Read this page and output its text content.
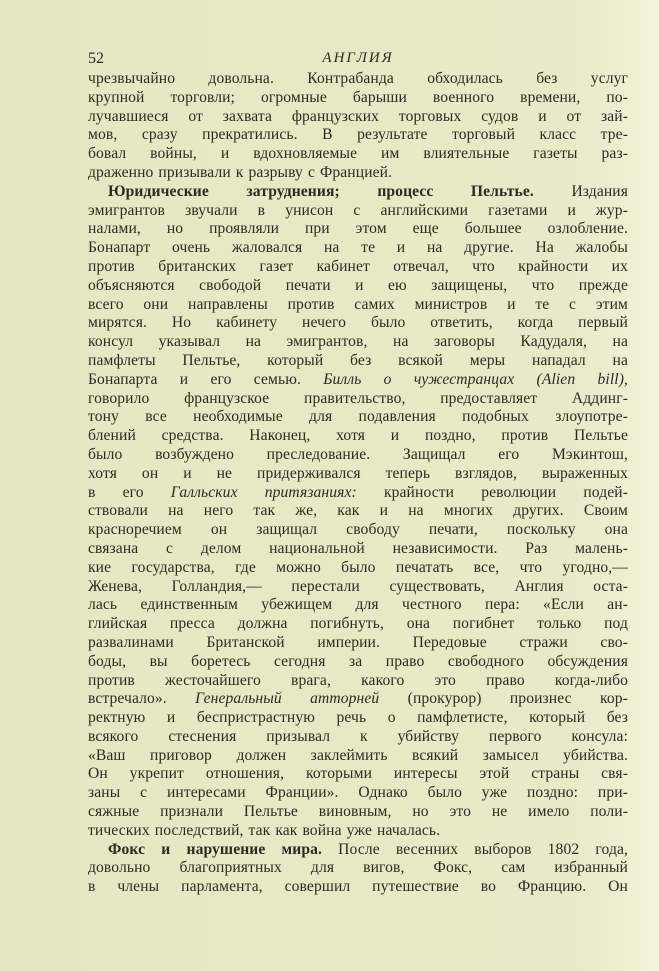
52	АНГЛИЯ
чрезвычайно довольна. Контрабанда обходилась без услуг
крупной торговли; огромные барыши военного времени, по-
лучавшиеся от захвата французских торговых судов и от зай-
мов, сразу прекратились. В результате торговый класс тре-
бовал войны, и вдохновляемые им влиятельные газеты раз-
драженно призывали к разрыву с Францией.
Юридические затруднения; процесс Пельтье. Издания
эмигрантов звучали в унисон с английскими газетами и жур-
налами, но проявляли при этом еще большее озлобление.
Бонапарт очень жаловался на те и на другие. На жалобы
против британских газет кабинет отвечал, что крайности их
объясняются свободой печати и ею защищены, что прежде
всего они направлены против самих министров и те с этим
мирятся. Но кабинету нечего было ответить, когда первый
консул указывал на эмигрантов, на заговоры Кадудаля, на
памфлеты Пельтье, который без всякой меры нападал на
Бонапарта и его семью. Билль о чужестранцах (Alien bill),
говорило французское правительство, предоставляет Аддинг-
тону все необходимые для подавления подобных злоупотре-
блений средства. Наконец, хотя и поздно, против Пельтье
было возбуждено преследование. Защищал его Мэкинтош,
хотя он и не придерживался теперь взглядов, выраженных
в его Галльских притязаниях: крайности революции подей-
ствовали на него так же, как и на многих других. Своим
красноречием он защищал свободу печати, поскольку она
связана с делом национальной независимости. Раз малень-
кие государства, где можно было печатать все, что угодно,—
Женева, Голландия,— перестали существовать, Англия оста-
лась единственным убежищем для честного пера: «Если ан-
глийская пресса должна погибнуть, она погибнет только под
развалинами Британской империи. Передовые стражи сво-
боды, вы боретесь сегодня за право свободного обсуждения
против жесточайшего врага, какого это право когда-либо
встречало». Генеральный атторней (прокурор) произнес кор-
ректную и беспристрастную речь о памфлетисте, который без
всякого стеснения призывал к убийству первого консула:
«Ваш приговор должен заклеймить всякий замысел убийства.
Он укрепит отношения, которыми интересы этой страны свя-
заны с интересами Франции». Однако было уже поздно: при-
сяжные признали Пельтье виновным, но это не имело поли-
тических последствий, так как война уже началась.
Фокс и нарушение мира. После весенних выборов 1802 года,
довольно благоприятных для вигов, Фокс, сам избранный
в члены парламента, совершил путешествие во Францию. Он
